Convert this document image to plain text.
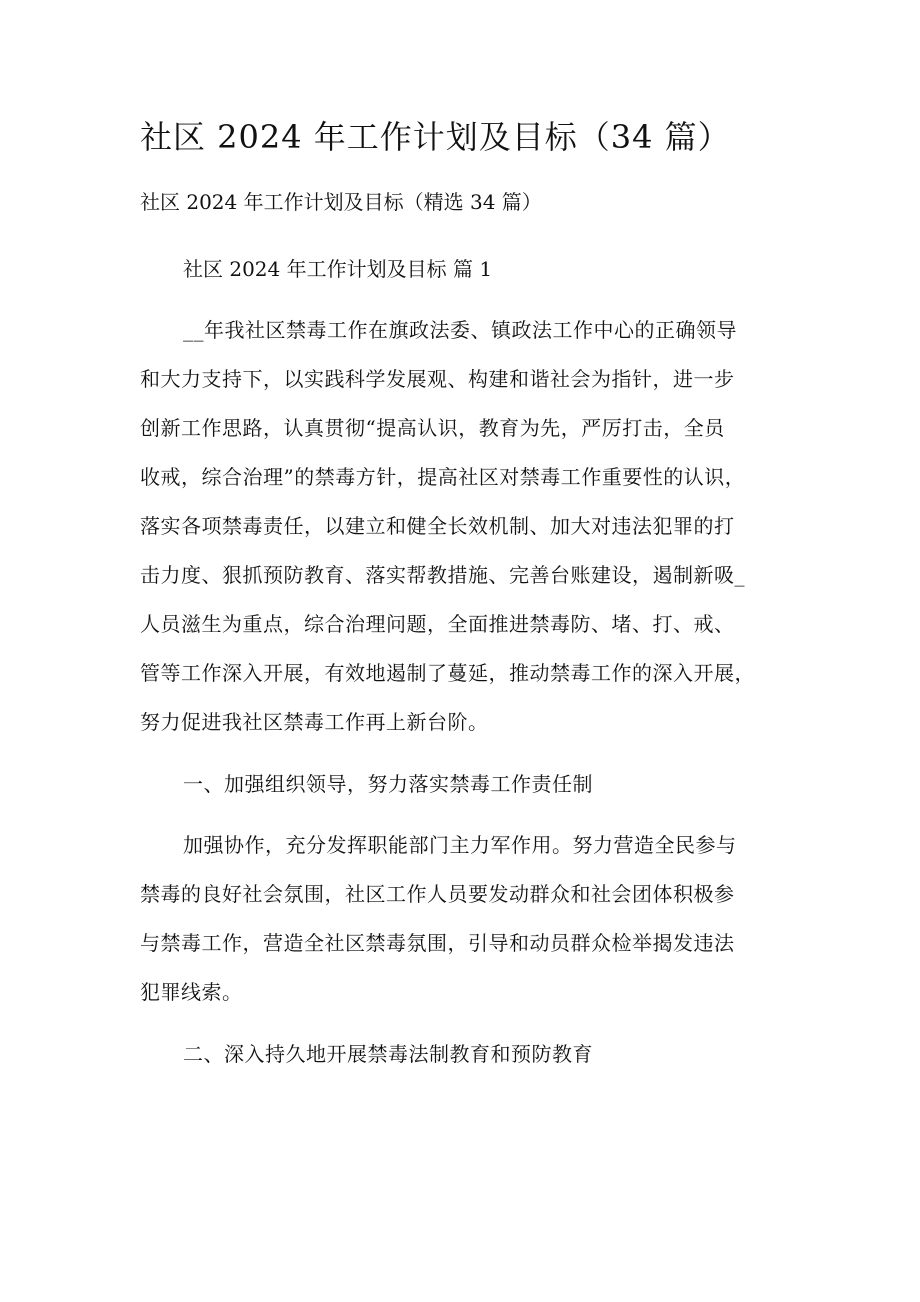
社区 2024 年工作计划及目标（34 篇）
社区 2024 年工作计划及目标（精选 34 篇）
社区 2024 年工作计划及目标 篇 1
__年我社区禁毒工作在旗政法委、镇政法工作中心的正确领导
和大力支持下，以实践科学发展观、构建和谐社会为指针，进一步
创新工作思路，认真贯彻“提高认识，教育为先，严厉打击，全员
收戒，综合治理”的禁毒方针，提高社区对禁毒工作重要性的认识，
落实各项禁毒责任，以建立和健全长效机制、加大对违法犯罪的打
击力度、狠抓预防教育、落实帮教措施、完善台账建设，遏制新吸_
人员滋生为重点，综合治理问题，全面推进禁毒防、堵、打、戒、
管等工作深入开展，有效地遏制了蔓延，推动禁毒工作的深入开展，
努力促进我社区禁毒工作再上新台阶。
一、加强组织领导，努力落实禁毒工作责任制
加强协作，充分发挥职能部门主力军作用。努力营造全民参与
禁毒的良好社会氛围，社区工作人员要发动群众和社会团体积极参
与禁毒工作，营造全社区禁毒氛围，引导和动员群众检举揭发违法
犯罪线索。
二、深入持久地开展禁毒法制教育和预防教育
